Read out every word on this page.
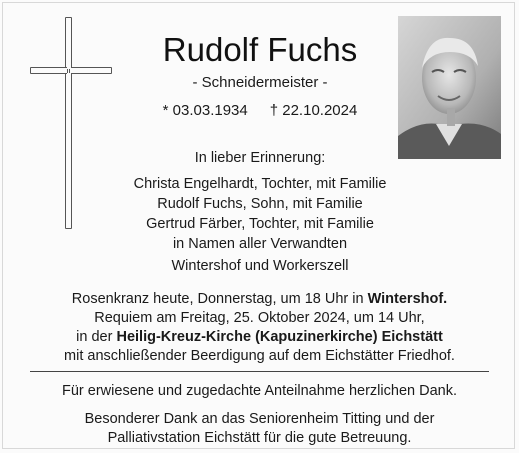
Rudolf Fuchs
- Schneidermeister -
* 03.03.1934 † 22.10.2024
In lieber Erinnerung:
Christa Engelhardt, Tochter, mit Familie
Rudolf Fuchs, Sohn, mit Familie
Gertrud Färber, Tochter, mit Familie
in Namen aller Verwandten
Wintershof und Workerszell
Rosenkranz heute, Donnerstag, um 18 Uhr in Wintershof.
Requiem am Freitag, 25. Oktober 2024, um 14 Uhr,
in der Heilig-Kreuz-Kirche (Kapuzinerkirche) Eichstätt
mit anschließender Beerdigung auf dem Eichstätter Friedhof.
Für erwiesene und zugedachte Anteilnahme herzlichen Dank.
Besonderer Dank an das Seniorenheim Titting und der
Palliativstation Eichstätt für die gute Betreuung.
